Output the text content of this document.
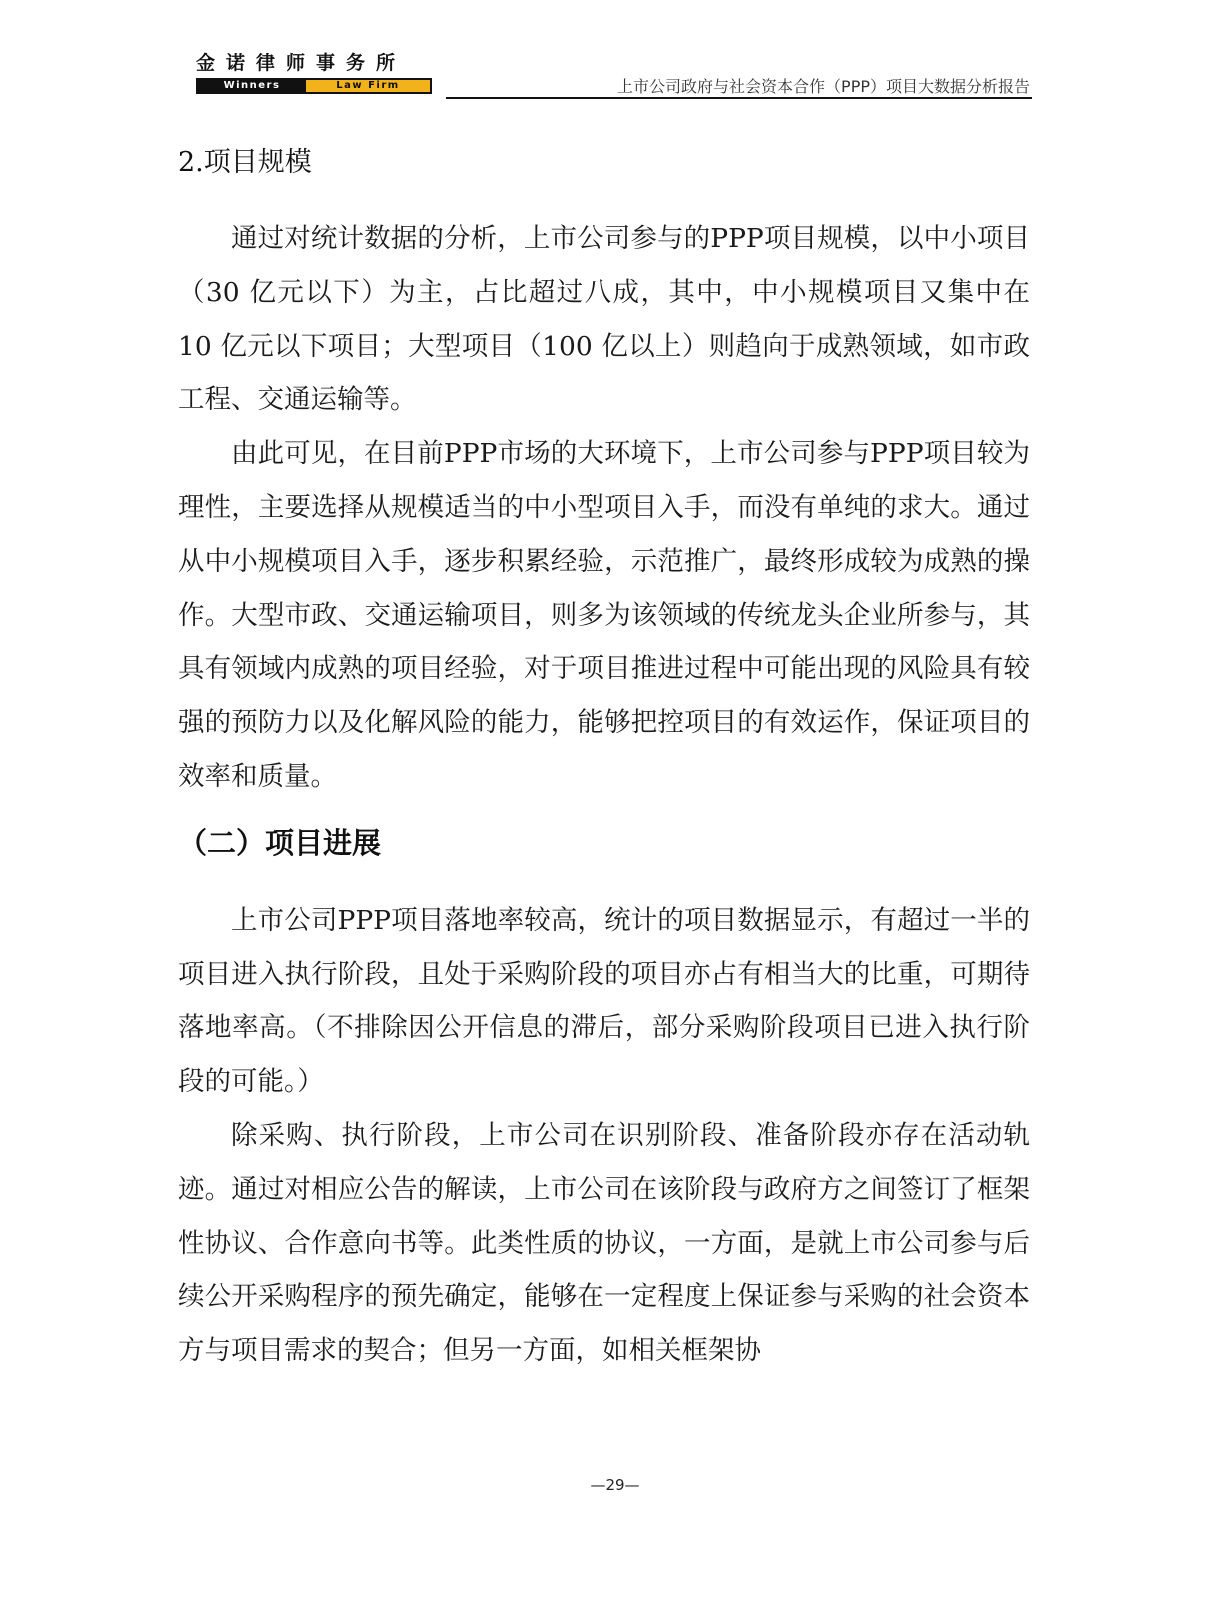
金诺律师事务所
Winners	Law Firm	上市公司政府与社会资本合作（PPP）项目大数据分析报告
2.项目规模

通过对统计数据的分析，上市公司参与的PPP项目规模，以中小项目（30 亿元以下）为主，占比超过八成，其中，中小规模项目又集中在 10 亿元以下项目；大型项目（100 亿以上）则趋向于成熟领域，如市政工程、交通运输等。

由此可见，在目前PPP市场的大环境下，上市公司参与PPP项目较为理性，主要选择从规模适当的中小型项目入手，而没有单纯的求大。通过从中小规模项目入手，逐步积累经验，示范推广，最终形成较为成熟的操作。大型市政、交通运输项目，则多为该领域的传统龙头企业所参与，其具有领域内成熟的项目经验，对于项目推进过程中可能出现的风险具有较强的预防力以及化解风险的能力，能够把控项目的有效运作，保证项目的效率和质量。

（二）项目进展

上市公司PPP项目落地率较高，统计的项目数据显示，有超过一半的项目进入执行阶段，且处于采购阶段的项目亦占有相当大的比重，可期待落地率高。（不排除因公开信息的滞后，部分采购阶段项目已进入执行阶段的可能。）

除采购、执行阶段，上市公司在识别阶段、准备阶段亦存在活动轨迹。通过对相应公告的解读，上市公司在该阶段与政府方之间签订了框架性协议、合作意向书等。此类性质的协议，一方面，是就上市公司参与后续公开采购程序的预先确定，能够在一定程度上保证参与采购的社会资本方与项目需求的契合；但另一方面，如相关框架协

—29—
